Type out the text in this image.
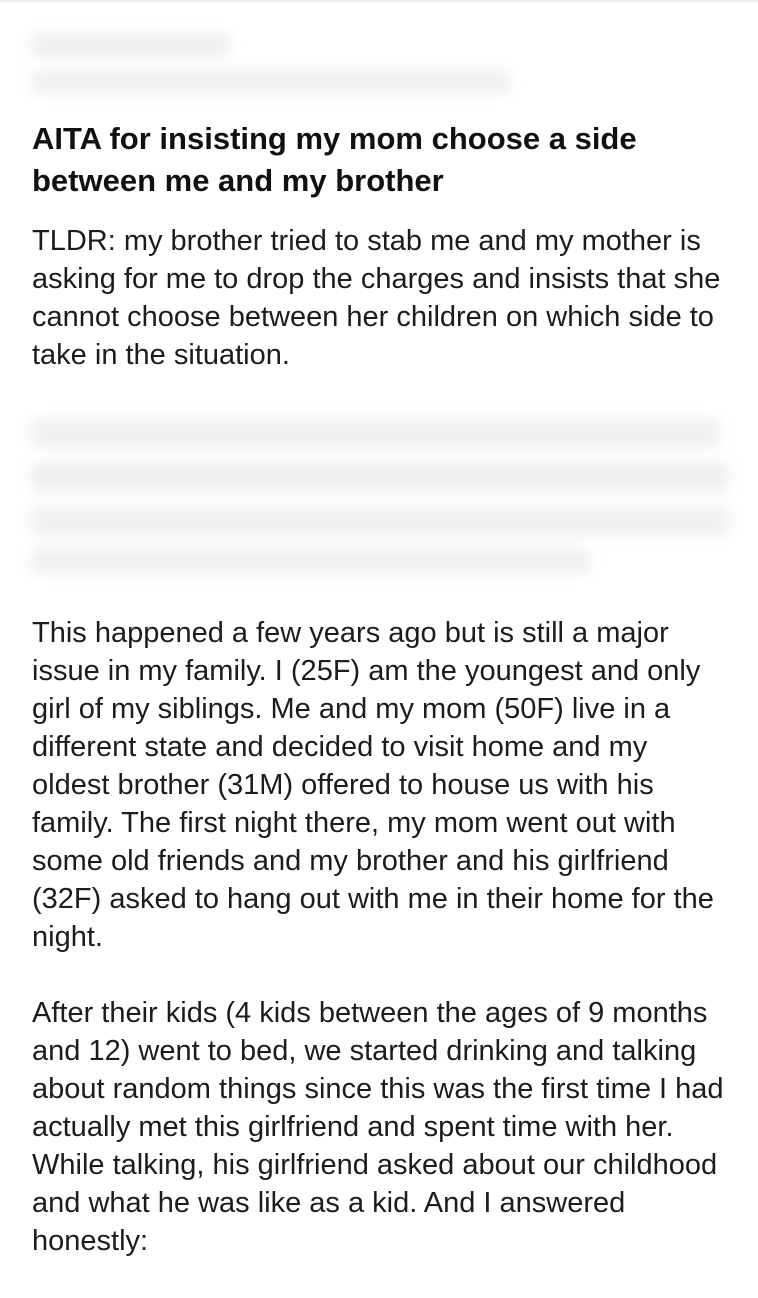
AITA for insisting my mom choose a side between me and my brother

TLDR: my brother tried to stab me and my mother is asking for me to drop the charges and insists that she cannot choose between her children on which side to take in the situation.

This happened a few years ago but is still a major issue in my family. I (25F) am the youngest and only girl of my siblings. Me and my mom (50F) live in a different state and decided to visit home and my oldest brother (31M) offered to house us with his family. The first night there, my mom went out with some old friends and my brother and his girlfriend (32F) asked to hang out with me in their home for the night.

After their kids (4 kids between the ages of 9 months and 12) went to bed, we started drinking and talking about random things since this was the first time I had actually met this girlfriend and spent time with her. While talking, his girlfriend asked about our childhood and what he was like as a kid. And I answered honestly:
